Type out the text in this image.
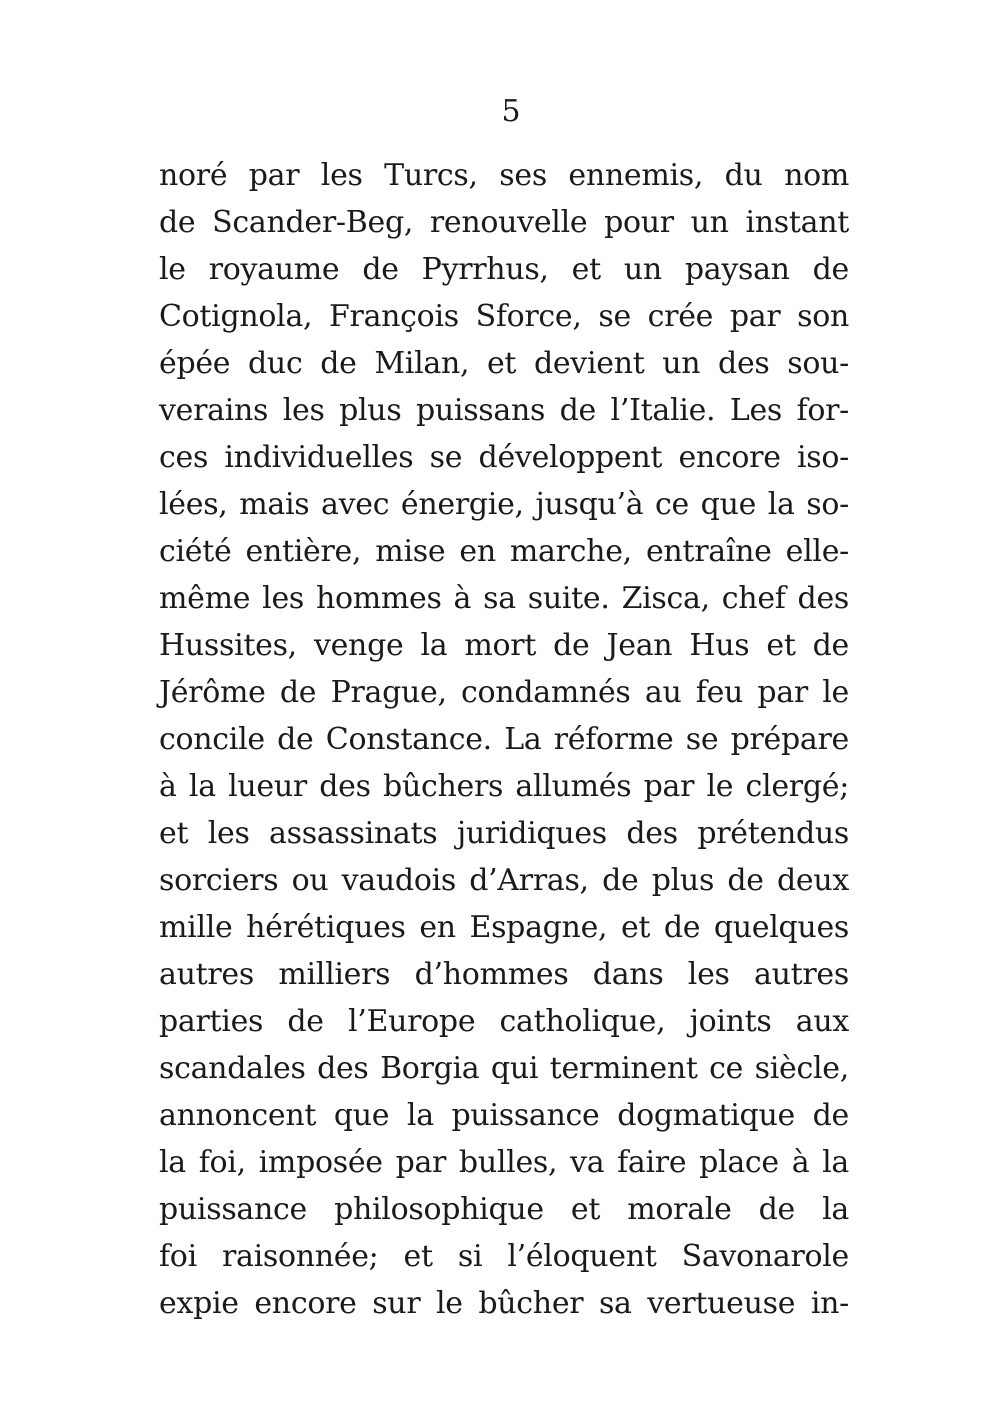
5
noré par les Turcs, ses ennemis, du nom
de Scander-Beg, renouvelle pour un instant
le royaume de Pyrrhus, et un paysan de
Cotignola, François Sforce, se crée par son
épée duc de Milan, et devient un des sou-
verains les plus puissans de l’Italie. Les for-
ces individuelles se développent encore iso-
lées, mais avec énergie, jusqu’à ce que la so-
ciété entière, mise en marche, entraîne elle-
même les hommes à sa suite. Zisca, chef des
Hussites, venge la mort de Jean Hus et de
Jérôme de Prague, condamnés au feu par le
concile de Constance. La réforme se prépare
à la lueur des bûchers allumés par le clergé;
et les assassinats juridiques des prétendus
sorciers ou vaudois d’Arras, de plus de deux
mille hérétiques en Espagne, et de quelques
autres milliers d’hommes dans les autres
parties de l’Europe catholique, joints aux
scandales des Borgia qui terminent ce siècle,
annoncent que la puissance dogmatique de
la foi, imposée par bulles, va faire place à la
puissance philosophique et morale de la
foi raisonnée; et si l’éloquent Savonarole
expie encore sur le bûcher sa vertueuse in-
